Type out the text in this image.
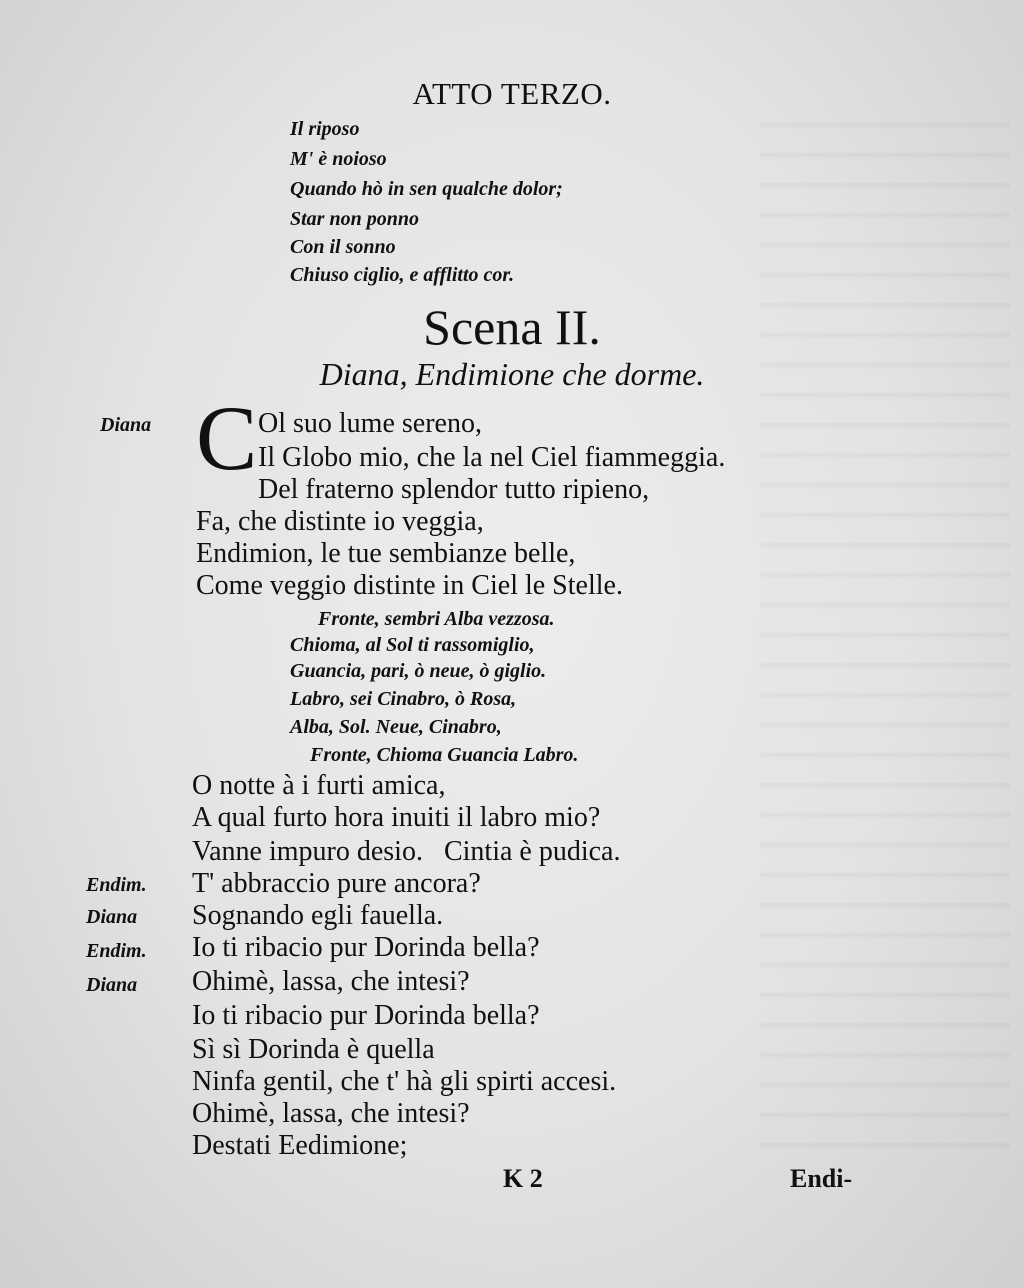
ATTO TERZO.
Il riposo
M' è noioso
Quando hò in sen qualche dolor;
Star non ponno
Con il sonno
Chiuso ciglio, e afflitto cor.
Scena II.
Diana, Endimione che dorme.
Diana C Ol suo lume sereno,
Il Globo mio, che la nel Ciel fiammeggia.
Del fraterno splendor tutto ripieno,
Fa, che distinte io veggia,
Endimion, le tue sembianze belle,
Come veggio distinte in Ciel le Stelle.
Fronte, sembri Alba vezzosa.
Chioma, al Sol ti rassomiglio,
Guancia, pari, ò neue, ò giglio.
Labro, sei Cinabro, ò Rosa,
Alba, Sol. Neue, Cinabro,
Fronte, Chioma Guancia Labro.
O notte à i furti amica,
A qual furto hora inuiti il labro mio?
Vanne impuro desio.   Cintia è pudica.
Endim. T' abbraccio pure ancora?
Diana Sognando egli fauella.
Endim. Io ti ribacio pur Dorinda bella?
Diana Ohimè, lassa, che intesi?
Io ti ribacio pur Dorinda bella?
Sì sì Dorinda è quella
Ninfa gentil, che t' hà gli spirti accesi.
Ohimè, lassa, che intesi?
Destati Eedimione;
K 2	Endi-
